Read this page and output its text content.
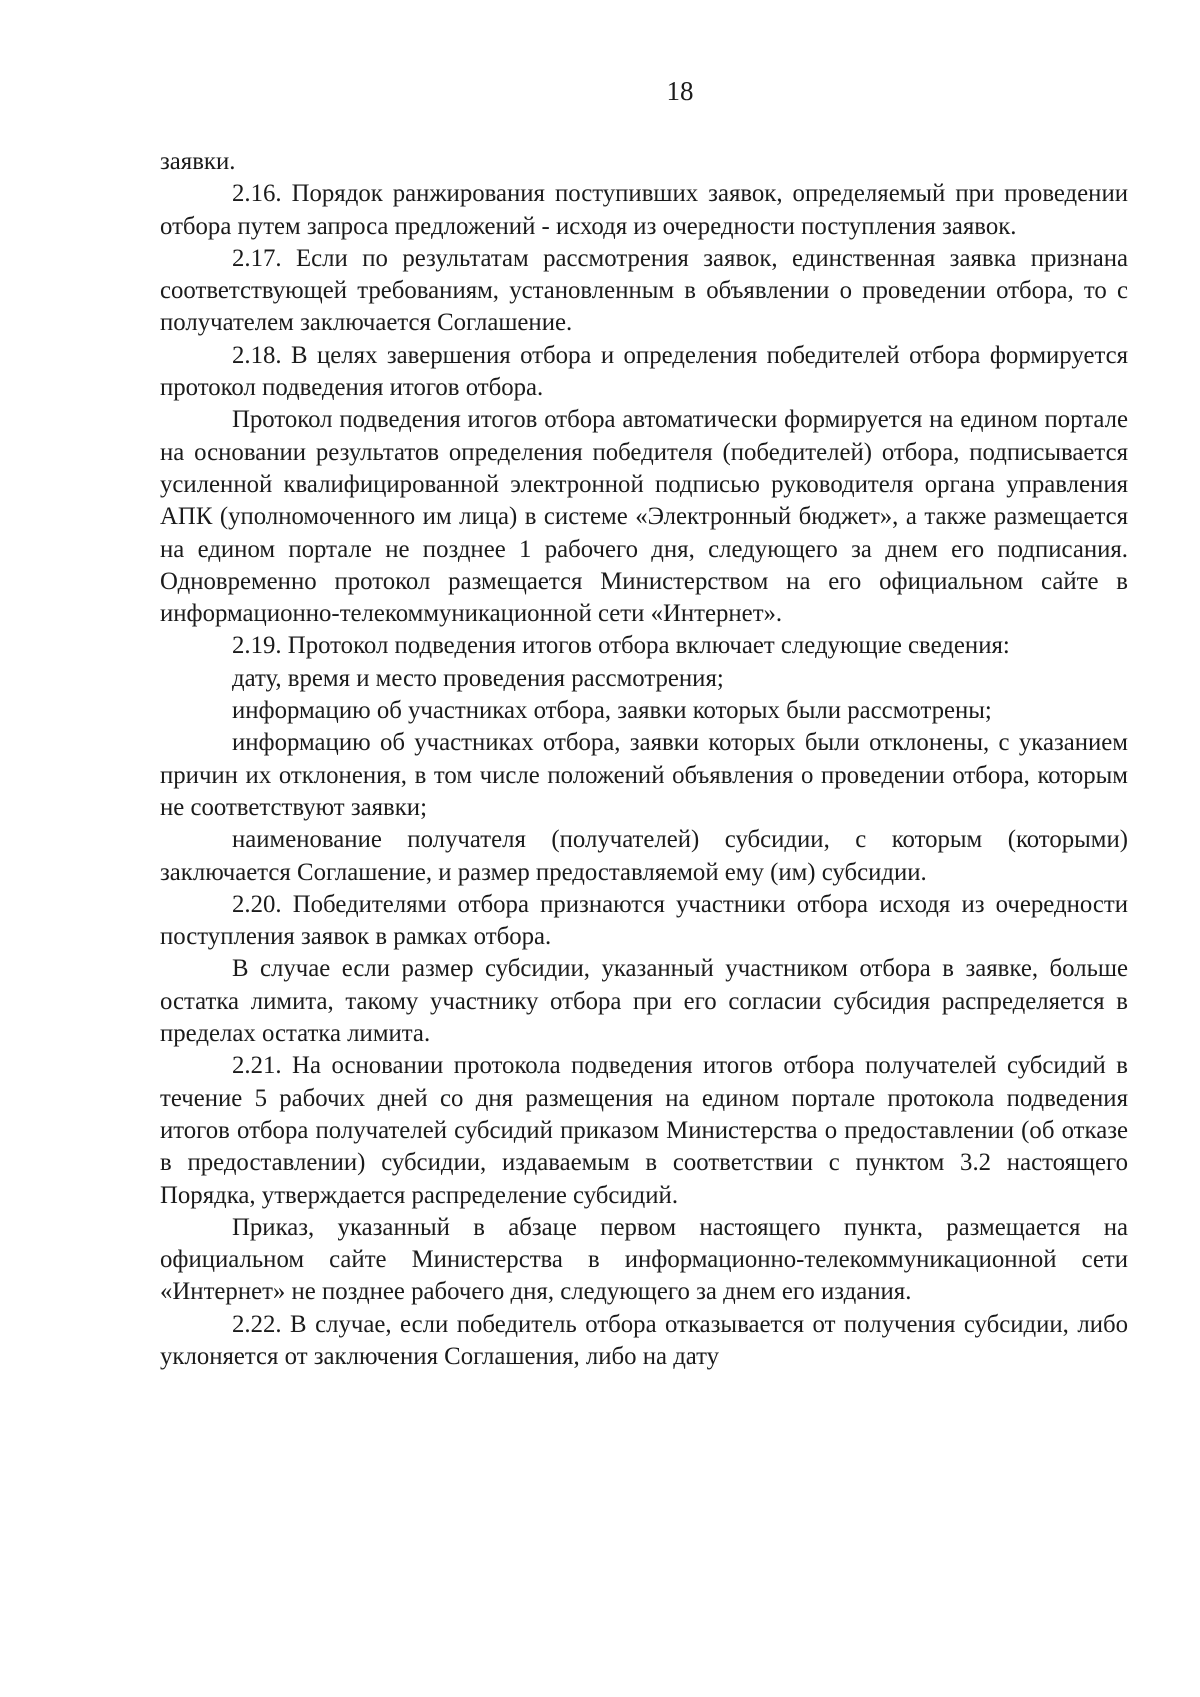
18

заявки.

2.16. Порядок ранжирования поступивших заявок, определяемый при проведении отбора путем запроса предложений - исходя из очередности поступления заявок.

2.17. Если по результатам рассмотрения заявок, единственная заявка признана соответствующей требованиям, установленным в объявлении о проведении отбора, то с получателем заключается Соглашение.

2.18. В целях завершения отбора и определения победителей отбора формируется протокол подведения итогов отбора.

Протокол подведения итогов отбора автоматически формируется на едином портале на основании результатов определения победителя (победителей) отбора, подписывается усиленной квалифицированной электронной подписью руководителя органа управления АПК (уполномоченного им лица) в системе «Электронный бюджет», а также размещается на едином портале не позднее 1 рабочего дня, следующего за днем его подписания. Одновременно протокол размещается Министерством на его официальном сайте в информационно-телекоммуникационной сети «Интернет».

2.19. Протокол подведения итогов отбора включает следующие сведения:

дату, время и место проведения рассмотрения;

информацию об участниках отбора, заявки которых были рассмотрены;

информацию об участниках отбора, заявки которых были отклонены, с указанием причин их отклонения, в том числе положений объявления о проведении отбора, которым не соответствуют заявки;

наименование получателя (получателей) субсидии, с которым (которыми) заключается Соглашение, и размер предоставляемой ему (им) субсидии.

2.20. Победителями отбора признаются участники отбора исходя из очередности поступления заявок в рамках отбора.

В случае если размер субсидии, указанный участником отбора в заявке, больше остатка лимита, такому участнику отбора при его согласии субсидия распределяется в пределах остатка лимита.

2.21. На основании протокола подведения итогов отбора получателей субсидий в течение 5 рабочих дней со дня размещения на едином портале протокола подведения итогов отбора получателей субсидий приказом Министерства о предоставлении (об отказе в предоставлении) субсидии, издаваемым в соответствии с пунктом 3.2 настоящего Порядка, утверждается распределение субсидий.

Приказ, указанный в абзаце первом настоящего пункта, размещается на официальном сайте Министерства в информационно-телекоммуникационной сети «Интернет» не позднее рабочего дня, следующего за днем его издания.

2.22. В случае, если победитель отбора отказывается от получения субсидии, либо уклоняется от заключения Соглашения, либо на дату
